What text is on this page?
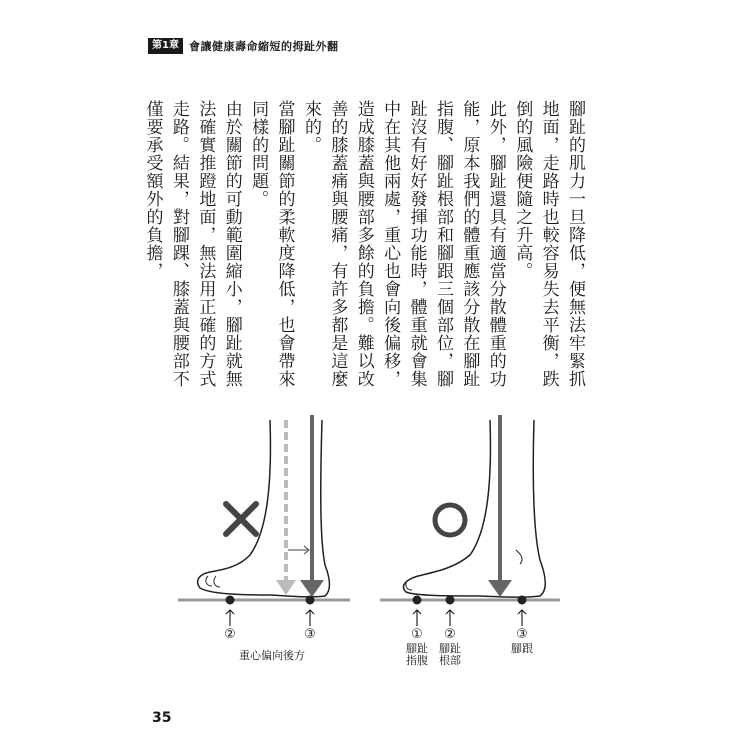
第1章 會讓健康壽命縮短的拇趾外翻

腳趾的肌力一旦降低，便無法牢緊抓地面，走路時也較容易失去平衡，跌倒的風險便隨之升高。

此外，腳趾還具有適當分散體重的功能，原本我們的體重應該分散在腳趾指腹、腳趾根部和腳跟三個部位，腳趾沒有好好發揮功能時，體重就會集中在其他兩處，重心也會向後偏移，造成膝蓋與腰部多餘的負擔。難以改善的膝蓋痛與腰痛，有許多都是這麼來的。

當腳趾關節的柔軟度降低，也會帶來同樣的問題。

由於關節的可動範圍縮小，腳趾就無法確實推蹬地面，無法用正確的方式走路。結果，對腳踝、膝蓋與腰部不僅要承受額外的負擔，

②	③
重心偏向後方
① ②	③
腳趾指腹
腳趾根部
腳跟
35
